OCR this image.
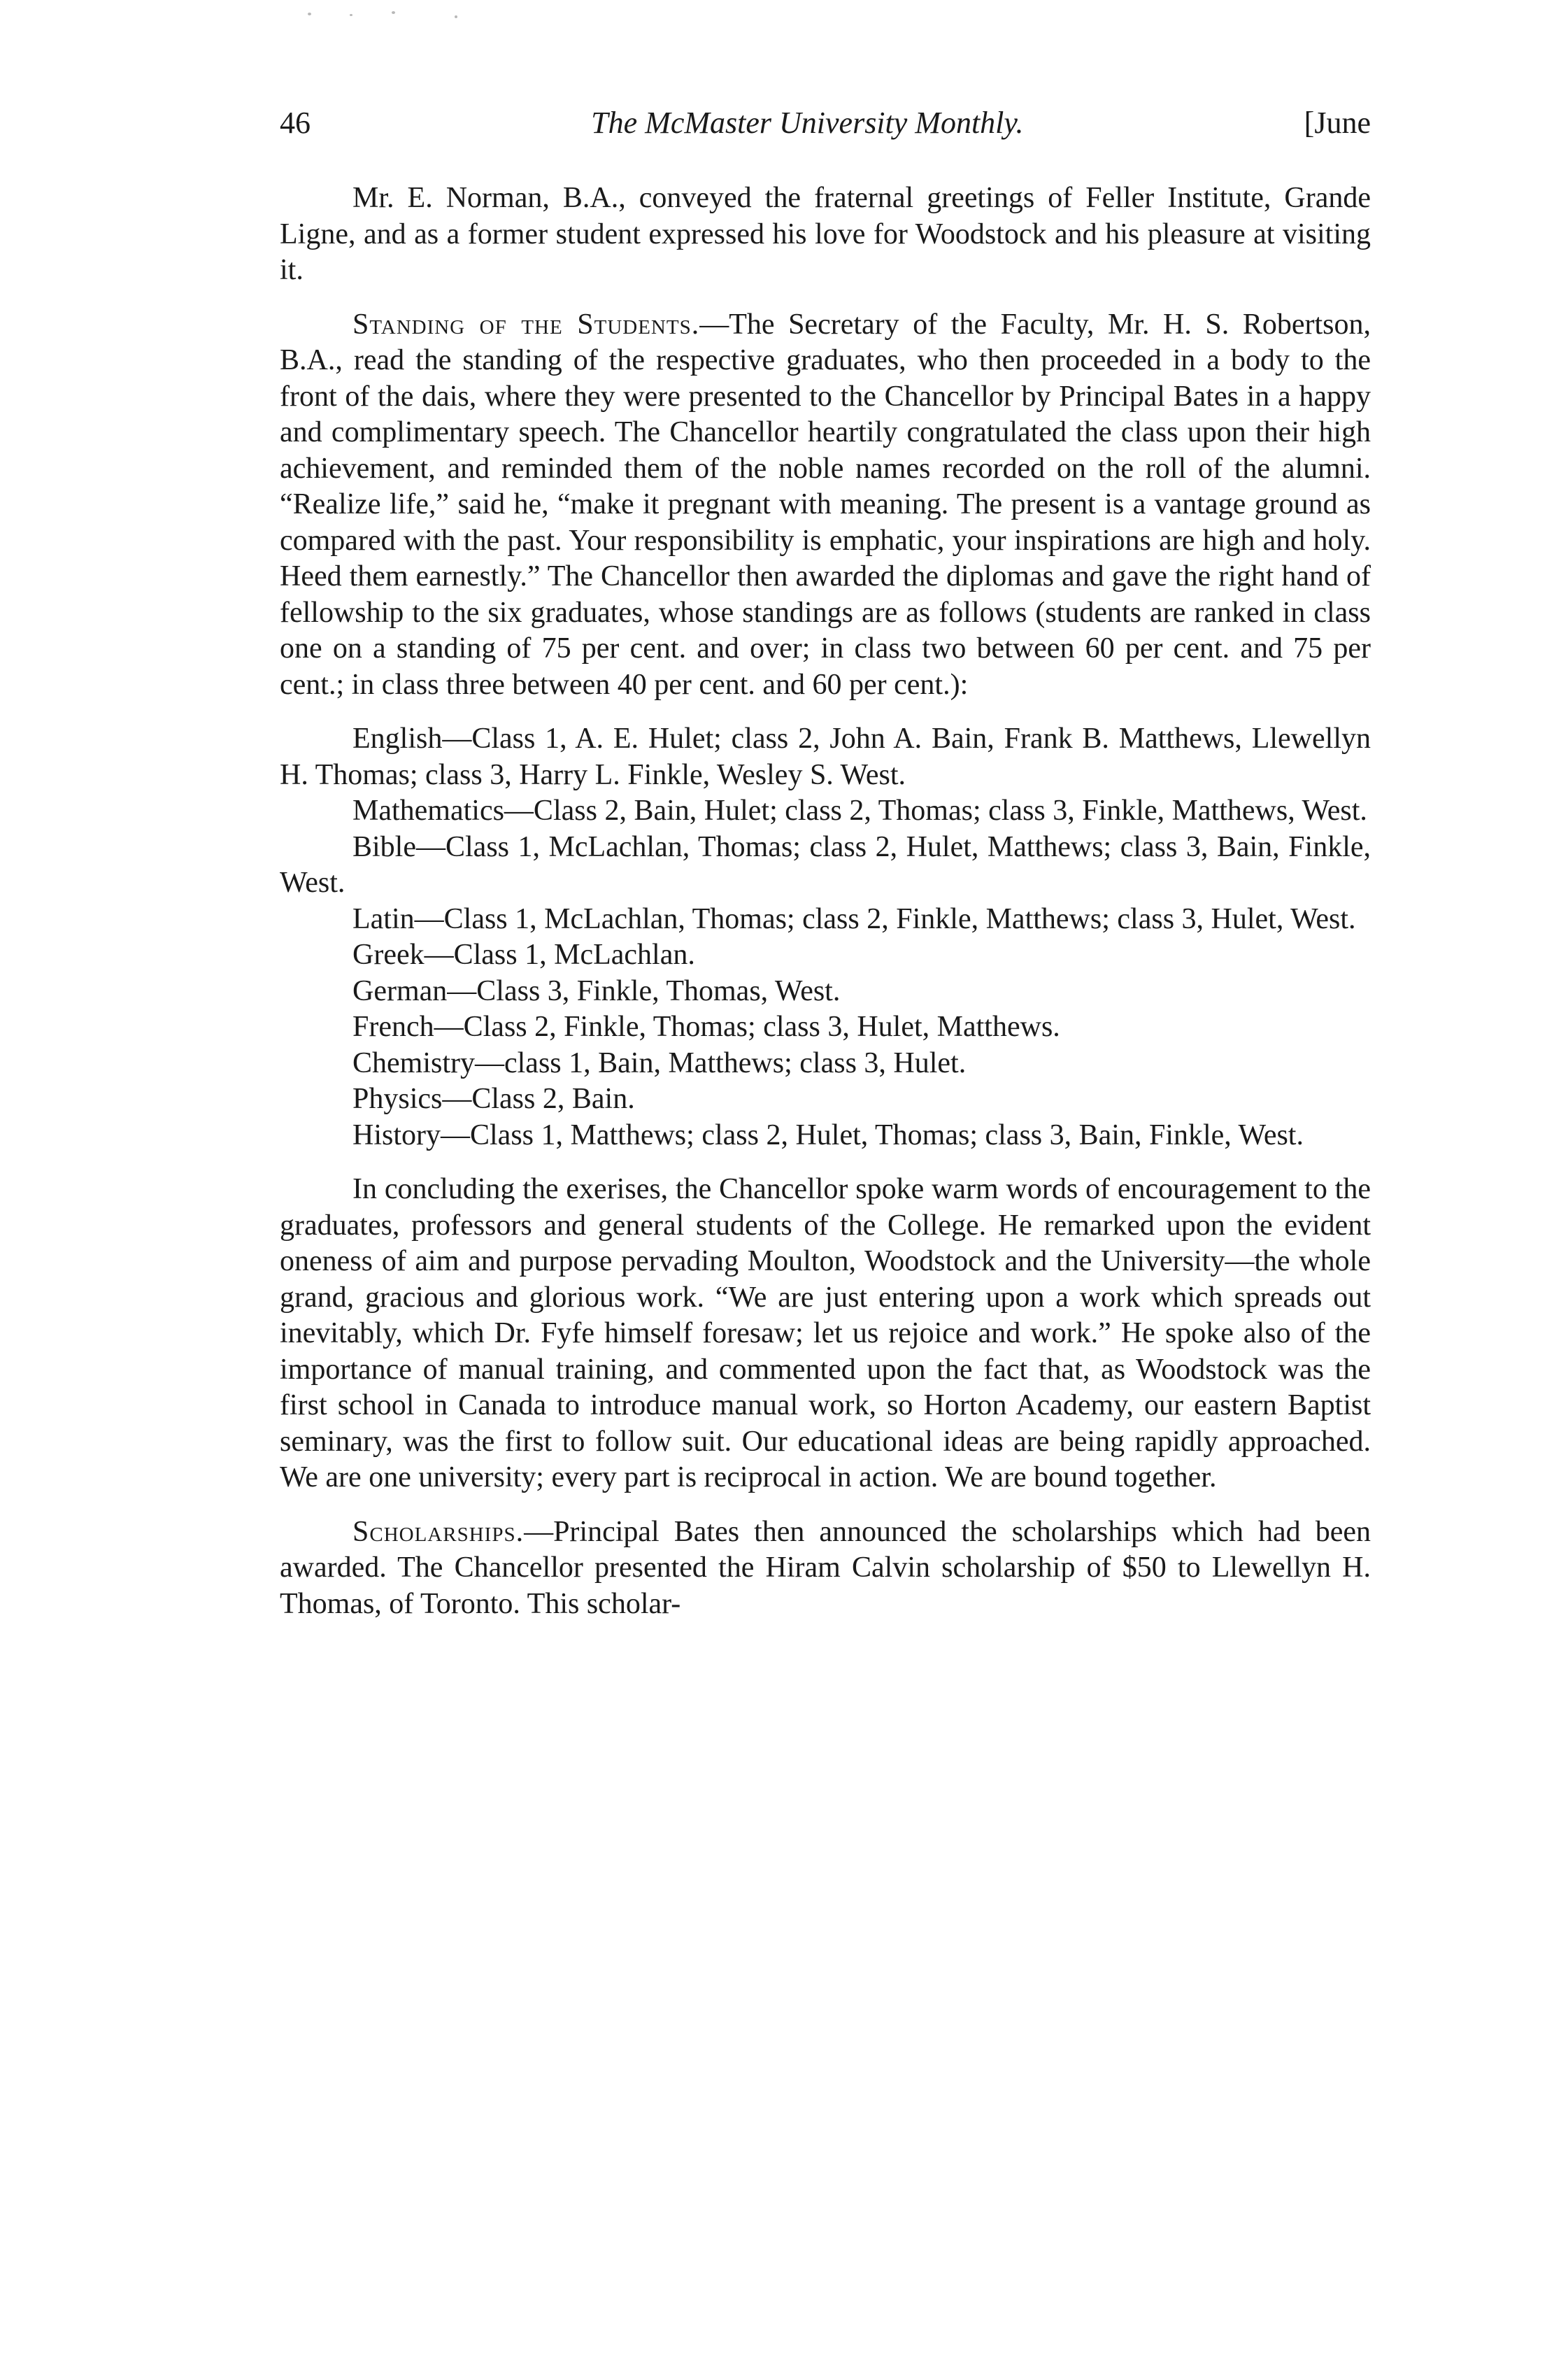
46	The McMaster University Monthly.	[June

Mr. E. Norman, B.A., conveyed the fraternal greetings of Feller Institute, Grande Ligne, and as a former student expressed his love for Woodstock and his pleasure at visiting it.

Standing of the Students.—The Secretary of the Faculty, Mr. H. S. Robertson, B.A., read the standing of the respective graduates, who then proceeded in a body to the front of the dais, where they were presented to the Chancellor by Principal Bates in a happy and complimentary speech. The Chancellor heartily congratulated the class upon their high achievement, and reminded them of the noble names recorded on the roll of the alumni. “Realize life,” said he, “make it pregnant with meaning. The present is a vantage ground as compared with the past. Your responsibility is emphatic, your inspirations are high and holy. Heed them earnestly.” The Chancellor then awarded the diplomas and gave the right hand of fellowship to the six graduates, whose standings are as follows (students are ranked in class one on a standing of 75 per cent. and over; in class two between 60 per cent. and 75 per cent.; in class three between 40 per cent. and 60 per cent.):

English—Class 1, A. E. Hulet; class 2, John A. Bain, Frank B. Matthews, Llewellyn H. Thomas; class 3, Harry L. Finkle, Wesley S. West.

Mathematics—Class 2, Bain, Hulet; class 2, Thomas; class 3, Finkle, Matthews, West.

Bible—Class 1, McLachlan, Thomas; class 2, Hulet, Matthews; class 3, Bain, Finkle, West.

Latin—Class 1, McLachlan, Thomas; class 2, Finkle, Matthews; class 3, Hulet, West.

Greek—Class 1, McLachlan.

German—Class 3, Finkle, Thomas, West.

French—Class 2, Finkle, Thomas; class 3, Hulet, Matthews.

Chemistry—class 1, Bain, Matthews; class 3, Hulet.

Physics—Class 2, Bain.

History—Class 1, Matthews; class 2, Hulet, Thomas; class 3, Bain, Finkle, West.

In concluding the exerises, the Chancellor spoke warm words of encouragement to the graduates, professors and general students of the College. He remarked upon the evident oneness of aim and purpose pervading Moulton, Woodstock and the University—the whole grand, gracious and glorious work. “We are just entering upon a work which spreads out inevitably, which Dr. Fyfe himself foresaw; let us rejoice and work.” He spoke also of the importance of manual training, and commented upon the fact that, as Woodstock was the first school in Canada to introduce manual work, so Horton Academy, our eastern Baptist seminary, was the first to follow suit. Our educational ideas are being rapidly approached. We are one university; every part is reciprocal in action. We are bound together.

Scholarships.—Principal Bates then announced the scholarships which had been awarded. The Chancellor presented the Hiram Calvin scholarship of $50 to Llewellyn H. Thomas, of Toronto. This scholar-
